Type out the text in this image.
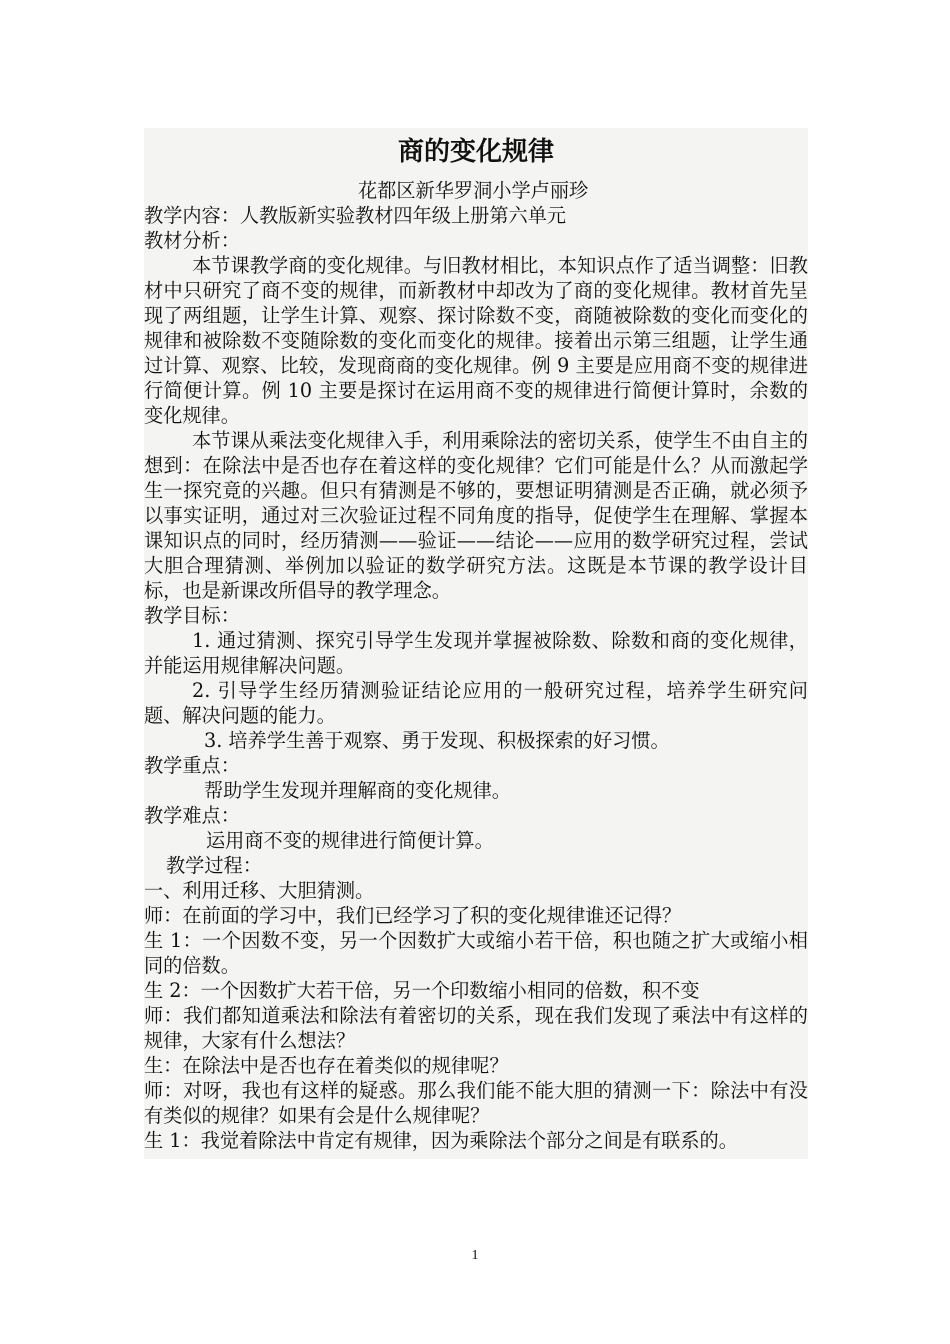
商的变化规律

花都区新华罗洞小学卢丽珍

教学内容：人教版新实验教材四年级上册第六单元

教材分析：

本节课教学商的变化规律。与旧教材相比，本知识点作了适当调整：旧教材中只研究了商不变的规律，而新教材中却改为了商的变化规律。教材首先呈现了两组题，让学生计算、观察、探讨除数不变，商随被除数的变化而变化的规律和被除数不变随除数的变化而变化的规律。接着出示第三组题，让学生通过计算、观察、比较，发现商商的变化规律。例 9 主要是应用商不变的规律进行简便计算。例 10 主要是探讨在运用商不变的规律进行简便计算时，余数的变化规律。

本节课从乘法变化规律入手，利用乘除法的密切关系，使学生不由自主的想到：在除法中是否也存在着这样的变化规律？它们可能是什么？从而激起学生一探究竟的兴趣。但只有猜测是不够的，要想证明猜测是否正确，就必须予以事实证明，通过对三次验证过程不同角度的指导，促使学生在理解、掌握本课知识点的同时，经历猜测——验证——结论——应用的数学研究过程，尝试大胆合理猜测、举例加以验证的数学研究方法。这既是本节课的教学设计目标，也是新课改所倡导的教学理念。

教学目标：

1. 通过猜测、探究引导学生发现并掌握被除数、除数和商的变化规律，并能运用规律解决问题。

2. 引导学生经历猜测验证结论应用的一般研究过程，培养学生研究问题、解决问题的能力。

3. 培养学生善于观察、勇于发现、积极探索的好习惯。

教学重点：

帮助学生发现并理解商的变化规律。

教学难点：

运用商不变的规律进行简便计算。

教学过程：

一、利用迁移、大胆猜测。

师：在前面的学习中，我们已经学习了积的变化规律谁还记得？

生 1：一个因数不变，另一个因数扩大或缩小若干倍，积也随之扩大或缩小相同的倍数。

生 2：一个因数扩大若干倍，另一个印数缩小相同的倍数，积不变

师：我们都知道乘法和除法有着密切的关系，现在我们发现了乘法中有这样的规律，大家有什么想法？

生：在除法中是否也存在着类似的规律呢？

师：对呀，我也有这样的疑惑。那么我们能不能大胆的猜测一下：除法中有没有类似的规律？如果有会是什么规律呢？

生 1：我觉着除法中肯定有规律，因为乘除法个部分之间是有联系的。

1
